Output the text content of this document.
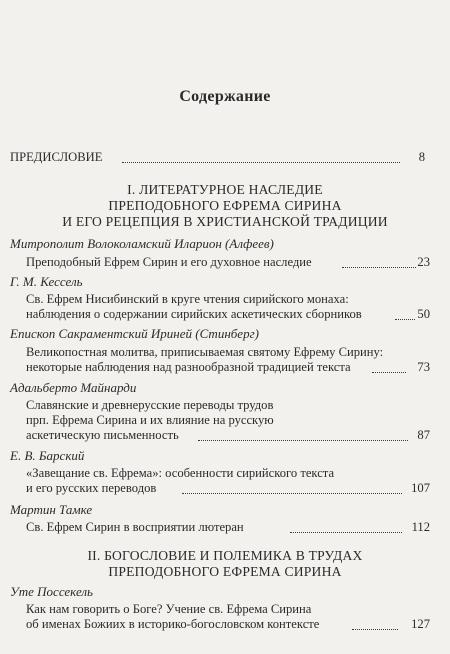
Содержание
ПРЕДИСЛОВИЕ	8
I. ЛИТЕРАТУРНОЕ НАСЛЕДИЕ
ПРЕПОДОБНОГО ЕФРЕМА СИРИНА
И ЕГО РЕЦЕПЦИЯ В ХРИСТИАНСКОЙ ТРАДИЦИИ
Митрополит Волоколамский Иларион (Алфеев)
Преподобный Ефрем Сирин и его духовное наследие	23
Г. М. Кессель
Св. Ефрем Нисибинский в круге чтения сирийского монаха:
наблюдения о содержании сирийских аскетических сборников	50
Епископ Сакраментский Ириней (Стинберг)
Великопостная молитва, приписываемая святому Ефрему Сирину:
некоторые наблюдения над разнообразной традицией текста	73
Адальберто Майнарди
Славянские и древнерусские переводы трудов
прп. Ефрема Сирина и их влияние на русскую
аскетическую письменность	87
Е. В. Барский
«Завещание св. Ефрема»: особенности сирийского текста
и его русских переводов	107
Мартин Тамке
Св. Ефрем Сирин в восприятии лютеран	112
II. БОГОСЛОВИЕ И ПОЛЕМИКА В ТРУДАХ
ПРЕПОДОБНОГО ЕФРЕМА СИРИНА
Уте Поссекель
Как нам говорить о Боге? Учение св. Ефрема Сирина
об именах Божиих в историко-богословском контексте	127
